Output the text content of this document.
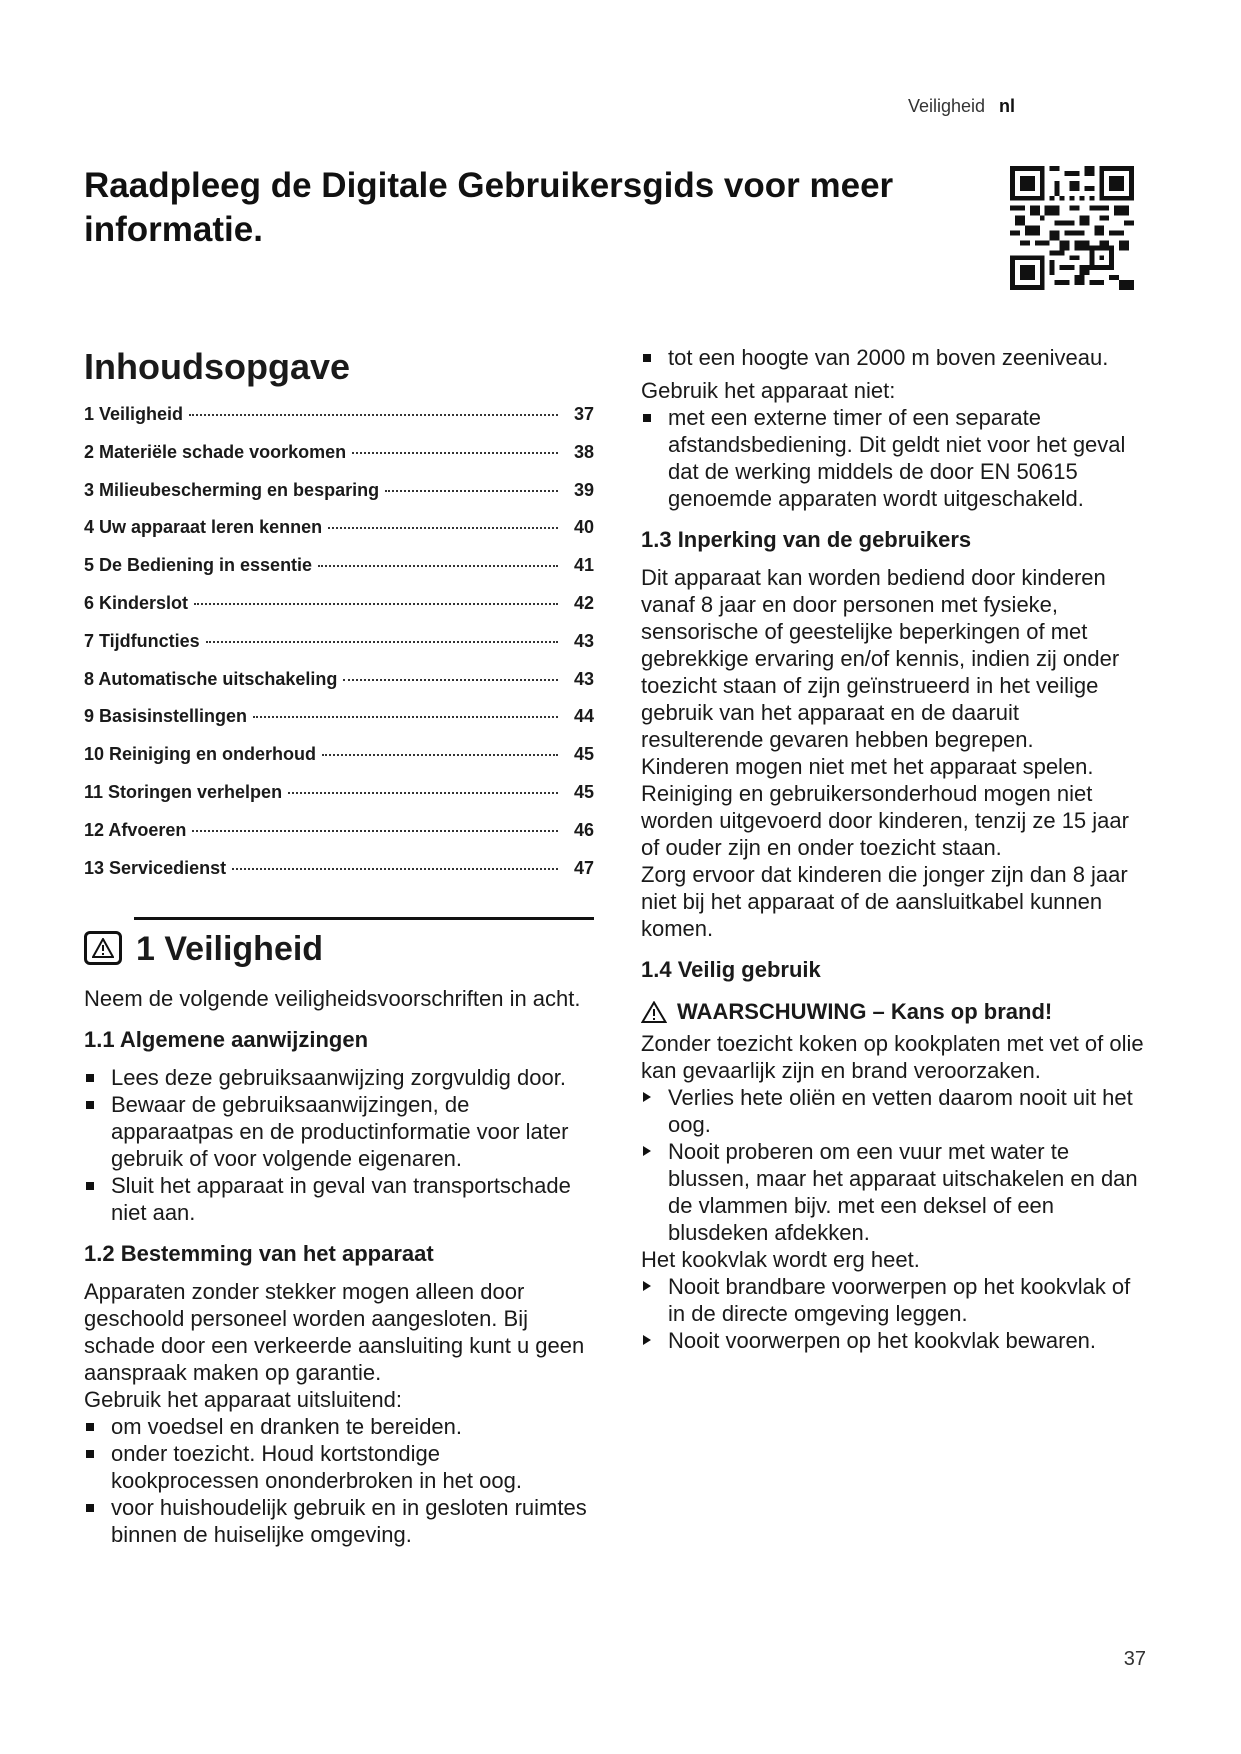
Veiligheid nl
Raadpleeg de Digitale Gebruikersgids voor meer informatie.
Inhoudsopgave
1 Veiligheid	37
2 Materiële schade voorkomen	38
3 Milieubescherming en besparing	39
4 Uw apparaat leren kennen	40
5 De Bediening in essentie	41
6 Kinderslot	42
7 Tijdfuncties	43
8 Automatische uitschakeling	43
9 Basisinstellingen	44
10 Reiniging en onderhoud	45
11 Storingen verhelpen	45
12 Afvoeren	46
13 Servicedienst	47
1 Veiligheid

Neem de volgende veiligheidsvoorschriften in acht.

1.1 Algemene aanwijzingen
Lees deze gebruiksaanwijzing zorgvuldig door.
Bewaar de gebruiksaanwijzingen, de apparaatpas en de productinformatie voor later gebruik of voor volgende eigenaren.
Sluit het apparaat in geval van transportschade niet aan.
1.2 Bestemming van het apparaat

Apparaten zonder stekker mogen alleen door geschoold personeel worden aangesloten. Bij schade door een verkeerde aansluiting kunt u geen aanspraak maken op garantie.

Gebruik het apparaat uitsluitend:

om voedsel en dranken te bereiden.
onder toezicht. Houd kortstondige kookprocessen ononderbroken in het oog.
voor huishoudelijk gebruik en in gesloten ruimtes binnen de huiselijke omgeving.
tot een hoogte van 2000 m boven zeeniveau.

Gebruik het apparaat niet:

met een externe timer of een separate afstandsbediening. Dit geldt niet voor het geval dat de werking middels de door EN 50615 genoemde apparaten wordt uitgeschakeld.
1.3 Inperking van de gebruikers

Dit apparaat kan worden bediend door kinderen vanaf 8 jaar en door personen met fysieke, sensorische of geestelijke beperkingen of met gebrekkige ervaring en/of kennis, indien zij onder toezicht staan of zijn geïnstrueerd in het veilige gebruik van het apparaat en de daaruit resulterende gevaren hebben begrepen.

Kinderen mogen niet met het apparaat spelen.

Reiniging en gebruikersonderhoud mogen niet worden uitgevoerd door kinderen, tenzij ze 15 jaar of ouder zijn en onder toezicht staan.

Zorg ervoor dat kinderen die jonger zijn dan 8 jaar niet bij het apparaat of de aansluitkabel kunnen komen.

1.4 Veilig gebruik
WAARSCHUWING – Kans op brand!

Zonder toezicht koken op kookplaten met vet of olie kan gevaarlijk zijn en brand veroorzaken.

Verlies hete oliën en vetten daarom nooit uit het oog.
Nooit proberen om een vuur met water te blussen, maar het apparaat uitschakelen en dan de vlammen bijv. met een deksel of een blusdeken afdekken.

Het kookvlak wordt erg heet.

Nooit brandbare voorwerpen op het kookvlak of in de directe omgeving leggen.
Nooit voorwerpen op het kookvlak bewaren.
37
